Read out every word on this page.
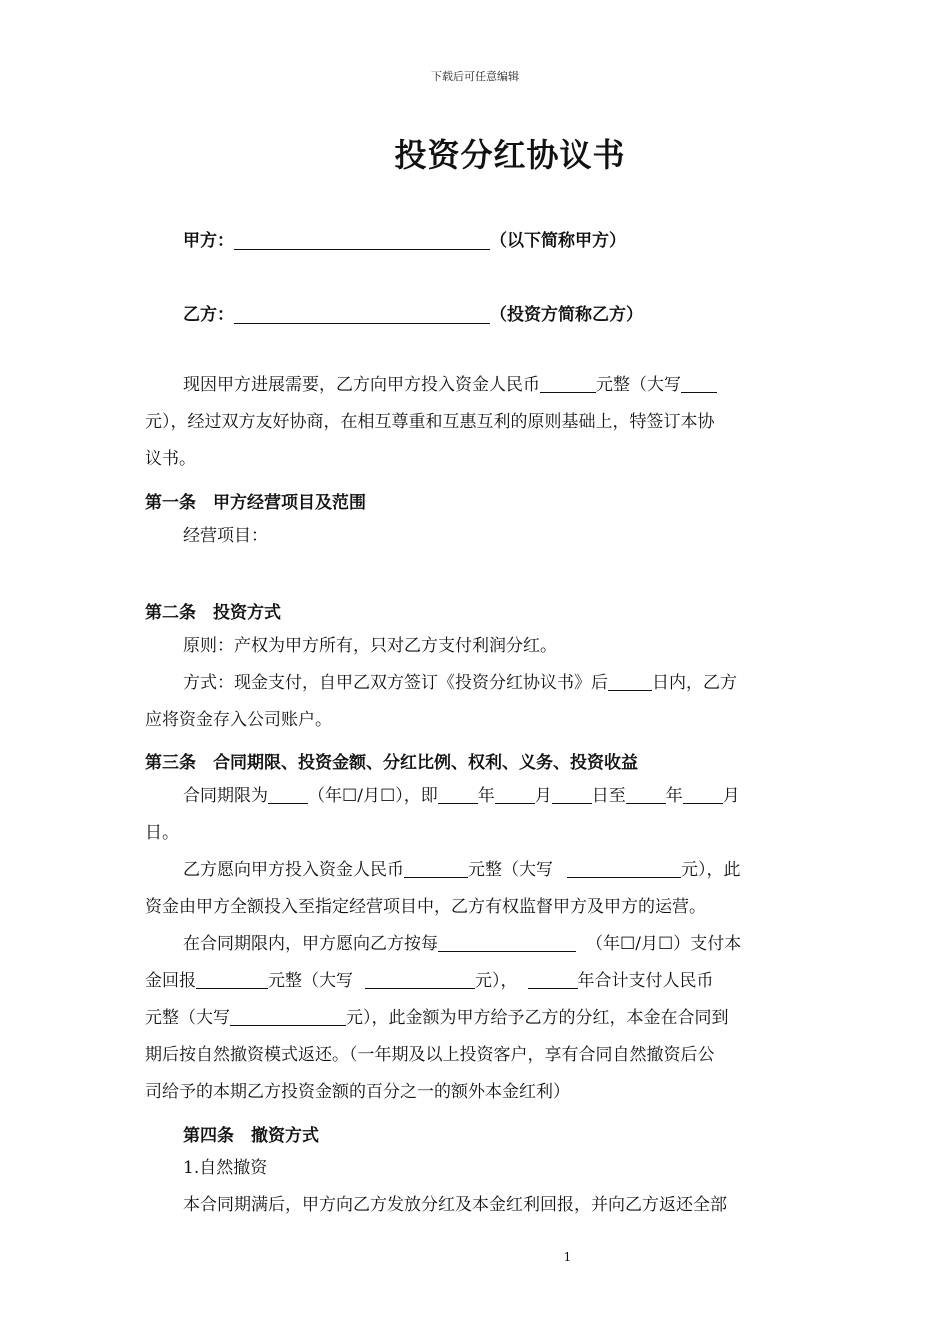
下载后可任意编辑
投资分红协议书
甲方：	（以下简称甲方）
乙方：	（投资方简称乙方）
现因甲方进展需要，乙方向甲方投入资金人民币	元整（大写
元），经过双方友好协商，在相互尊重和互惠互利的原则基础上，特签订本协
议书。
第一条　甲方经营项目及范围
经营项目：
第二条　投资方式
原则：产权为甲方所有，只对乙方支付利润分红。
方式：现金支付，自甲乙双方签订《投资分红协议书》后	日内，乙方
应将资金存入公司账户。
第三条　合同期限、投资金额、分红比例、权利、义务、投资收益
合同期限为 （年☐/月☐），即 年 月 日至 年 月
日。
乙方愿向甲方投入资金人民币	元整（大写	元），此
资金由甲方全额投入至指定经营项目中，乙方有权监督甲方及甲方的运营。
在合同期限内，甲方愿向乙方按每	（年☐/月☐）支付本
金回报	元整（大写	元），	年合计支付人民币
元整（大写	元），此金额为甲方给予乙方的分红，本金在合同到
期后按自然撤资模式返还。（一年期及以上投资客户，享有合同自然撤资后公
司给予的本期乙方投资金额的百分之一的额外本金红利）
第四条　撤资方式
1.自然撤资
本合同期满后，甲方向乙方发放分红及本金红利回报，并向乙方返还全部
1
